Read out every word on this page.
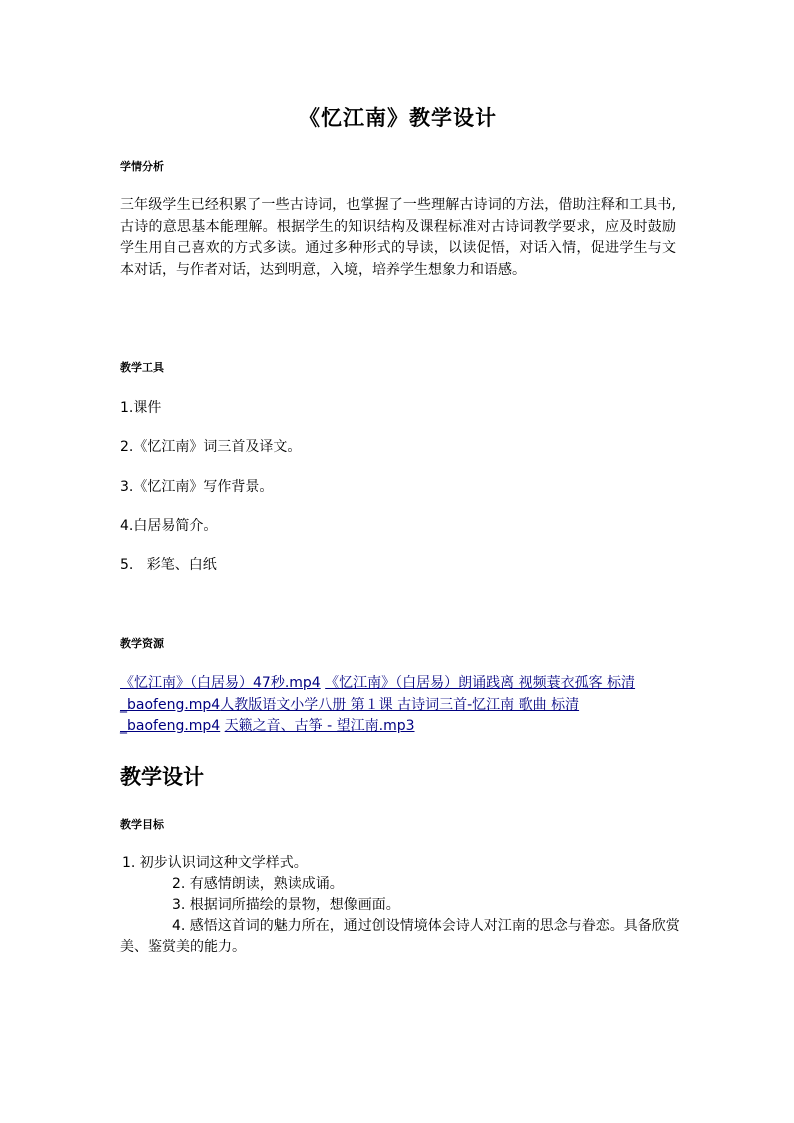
《忆江南》教学设计
学情分析
三年级学生已经积累了一些古诗词，也掌握了一些理解古诗词的方法，借助注释和工具书,古诗的意思基本能理解。根据学生的知识结构及课程标准对古诗词教学要求，应及时鼓励学生用自己喜欢的方式多读。通过多种形式的导读，以读促悟，对话入情，促进学生与文本对话，与作者对话，达到明意，入境，培养学生想象力和语感。
教学工具
1.课件
2.《忆江南》词三首及译文。
3.《忆江南》写作背景。
4.白居易简介。
5.   彩笔、白纸
教学资源
《忆江南》（白居易）47秒.mp4 《忆江南》（白居易）朗诵践离 视频蓑衣孤客 标清_baofeng.mp4人教版语文小学八册 第１课 古诗词三首-忆江南 歌曲 标清_baofeng.mp4 天籁之音、古筝 - 望江南.mp3
教学设计
教学目标
1. 初步认识词这种文学样式。
2. 有感情朗读，熟读成诵。
3. 根据词所描绘的景物，想像画面。
4. 感悟这首词的魅力所在，通过创设情境体会诗人对江南的思念与眷恋。具备欣赏美、鉴赏美的能力。
